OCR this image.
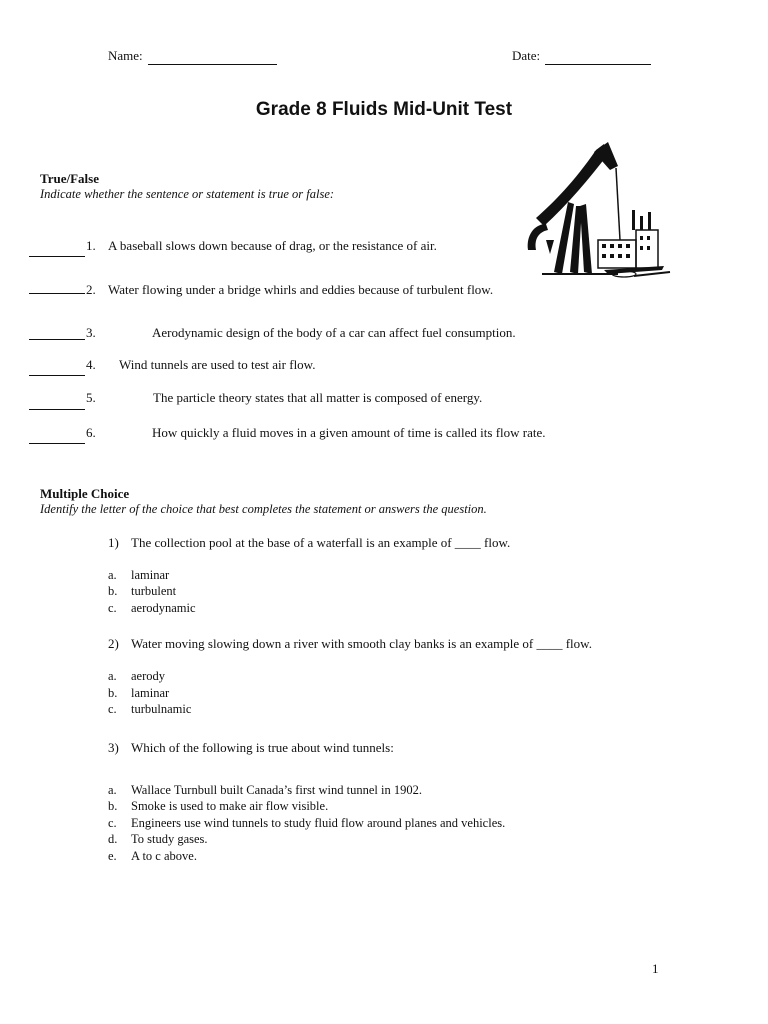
Name:	Date:
Grade 8 Fluids Mid-Unit Test
True/False
Indicate whether the sentence or statement is true or false:
1. A baseball slows down because of drag, or the resistance of air.
2. Water flowing under a bridge whirls and eddies because of turbulent flow.
3.	Aerodynamic design of the body of a car can affect fuel consumption.
4. Wind tunnels are used to test air flow.
5.	The particle theory states that all matter is composed of energy.
6.	How quickly a fluid moves in a given amount of time is called its flow rate.
Multiple Choice
Identify the letter of the choice that best completes the statement or answers the question.
1) The collection pool at the base of a waterfall is an example of ____ flow.
a. laminar
b. turbulent
c. aerodynamic
2) Water moving slowing down a river with smooth clay banks is an example of ____ flow.
a. aerody
b. laminar
c. turbulnamic
3) Which of the following is true about wind tunnels:
a. Wallace Turnbull built Canada’s first wind tunnel in 1902.
b. Smoke is used to make air flow visible.
c. Engineers use wind tunnels to study fluid flow around planes and vehicles.
d. To study gases.
e. A to c above.
1
